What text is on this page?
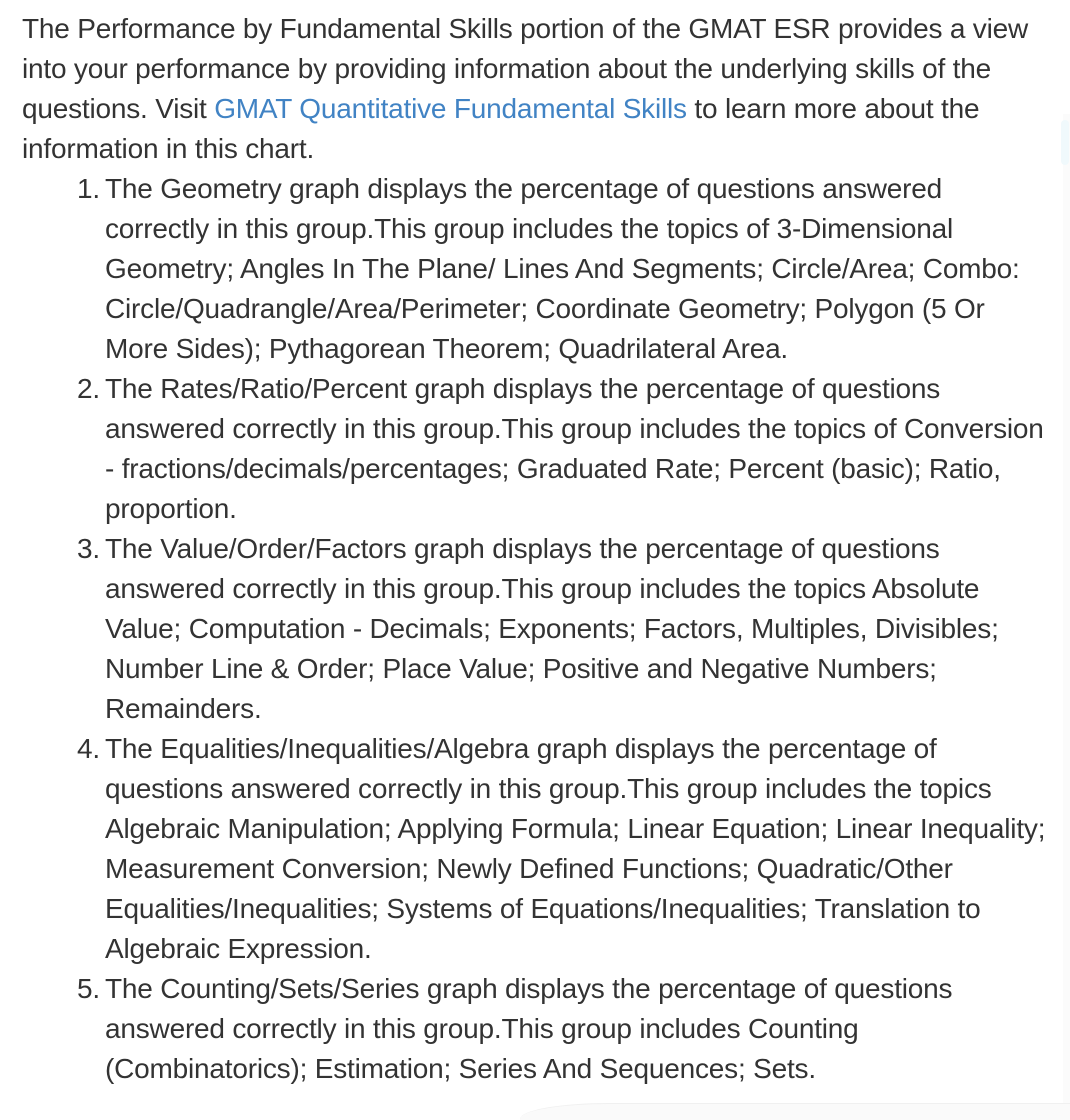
The Performance by Fundamental Skills portion of the GMAT ESR provides a view into your performance by providing information about the underlying skills of the questions. Visit GMAT Quantitative Fundamental Skills to learn more about the information in this chart.

1. The Geometry graph displays the percentage of questions answered correctly in this group.This group includes the topics of 3-Dimensional Geometry; Angles In The Plane/ Lines And Segments; Circle/Area; Combo: Circle/Quadrangle/Area/Perimeter; Coordinate Geometry; Polygon (5 Or More Sides); Pythagorean Theorem; Quadrilateral Area.
2. The Rates/Ratio/Percent graph displays the percentage of questions answered correctly in this group.This group includes the topics of Conversion - fractions/decimals/percentages; Graduated Rate; Percent (basic); Ratio, proportion.
3. The Value/Order/Factors graph displays the percentage of questions answered correctly in this group.This group includes the topics Absolute Value; Computation - Decimals; Exponents; Factors, Multiples, Divisibles; Number Line & Order; Place Value; Positive and Negative Numbers; Remainders.
4. The Equalities/Inequalities/Algebra graph displays the percentage of questions answered correctly in this group.This group includes the topics Algebraic Manipulation; Applying Formula; Linear Equation; Linear Inequality; Measurement Conversion; Newly Defined Functions; Quadratic/Other Equalities/Inequalities; Systems of Equations/Inequalities; Translation to Algebraic Expression.
5. The Counting/Sets/Series graph displays the percentage of questions answered correctly in this group.This group includes Counting (Combinatorics); Estimation; Series And Sequences; Sets.
